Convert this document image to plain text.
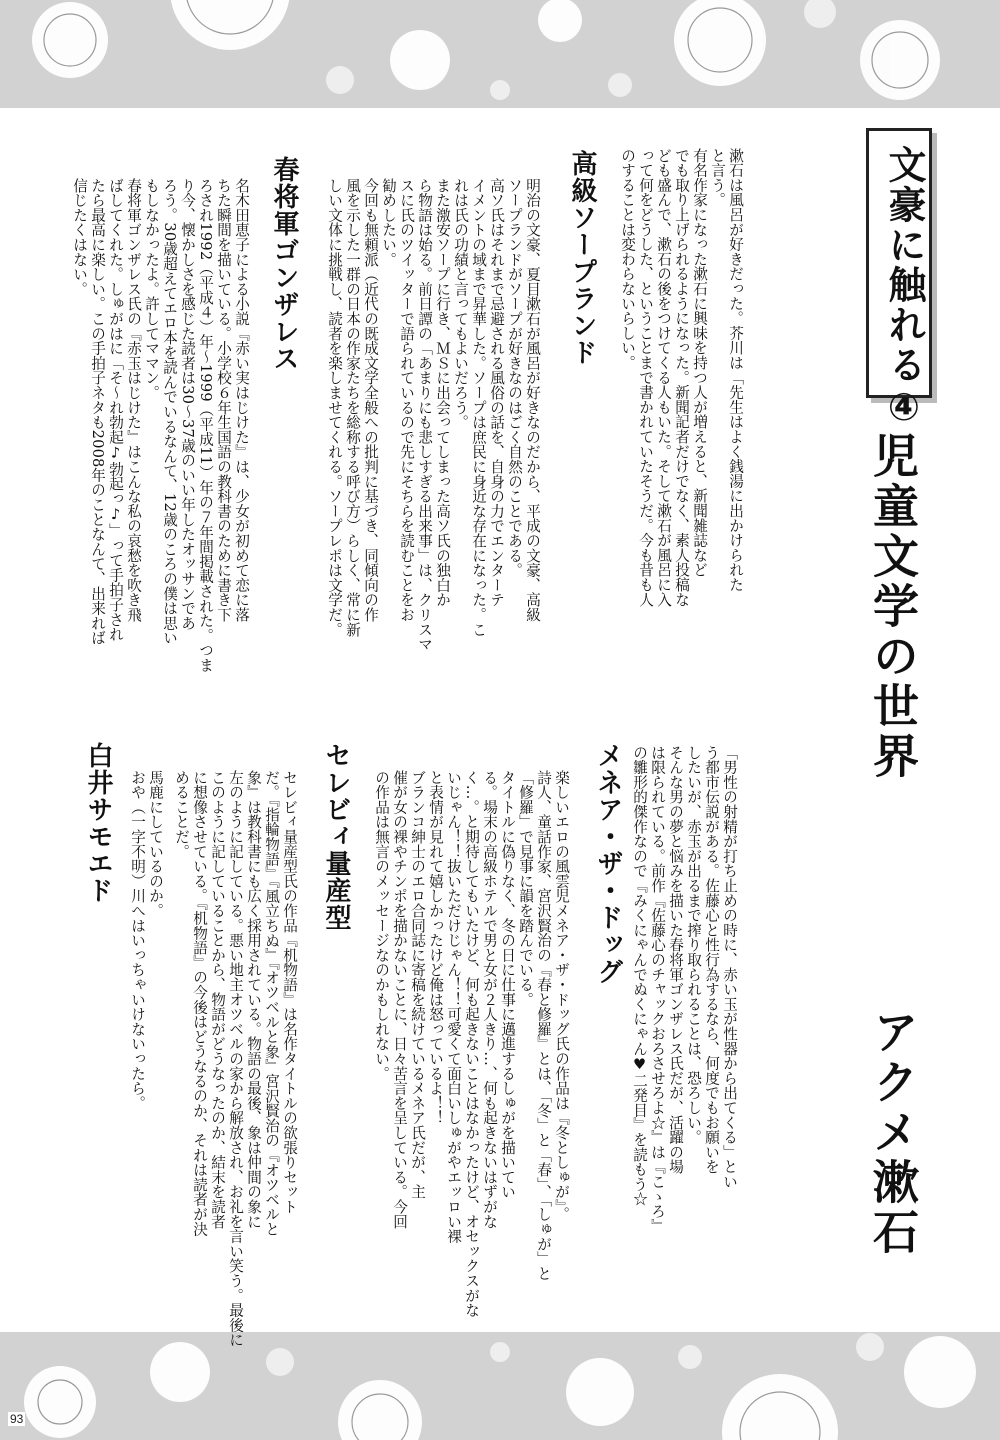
文豪に触れる④
児童文学の世界
アクメ漱石
漱石は風呂が好きだった。芥川は「先生はよく銭湯に出かけられた
と言う。
有名作家になった漱石に興味を持つ人が増えると、新聞雑誌など
でも取り上げられるようになった。新聞記者だけでなく、素人投稿な
ども盛んで、漱石の後をつけてくる人もいた。そして漱石が風呂に入
って何をどうした、ということまで書かれていたそうだ。今も昔も人
のすることは変わらないらしい。
高級ソープランド
明治の文豪、夏目漱石が風呂が好きなのだから、平成の文豪、高級
ソープランドがソープが好きなのはごく自然のことである。
高ソ氏はそれまで忌避される風俗の話を、自身の力でエンターテ
イメントの域まで昇華した。ソープは庶民に身近な存在になった。こ
れは氏の功績と言ってもよいだろう。
また激安ソープに行き、ＭＳに出会ってしまった高ソ氏の独白か
ら物語は始る。前日譚の「あまりにも悲しすぎる出来事」は、クリスマ
スに氏のツイッターで語られているので先にそちらを読むことをお
勧めしたい。
今回も無頼派（近代の既成文学全般への批判に基づき、同傾向の作
風を示した一群の日本の作家たちを総称する呼び方）らしく、常に新
しい文体に挑戦し、読者を楽しませてくれる。ソープレポは文学だ。
春将軍ゴンザレス
名木田恵子による小説『赤い実はじけた』は、少女が初めて恋に落
ちた瞬間を描いている。小学校６年生国語の教科書のために書き下
ろされ1992（平成４）年～1999（平成11）年の７年間掲載された。つま
り今、懐かしさを感じた読者は30～37歳のいい年したオッサンであ
ろう。30歳超えてエロ本を読んでいるなんて、12歳のころの僕は思い
もしなかったよ。許してママン。
春将軍ゴンザレス氏の『赤玉はじけた』はこんな私の哀愁を吹き飛
ばしてくれた。しゅがはに「そ～れ勃起♪勃起っ♪」って手拍子され
たら最高に楽しい。この手拍子ネタも2008年のことなんて、出来れば
信じたくはない。
「男性の射精が打ち止めの時に、赤い玉が性器から出てくる」とい
う都市伝説がある。佐藤心と性行為するなら、何度でもお願いを
したいが、赤玉が出るまで搾り取られることは、恐ろしい。
そんな男の夢と悩みを描いた春将軍ゴンザレス氏だが、活躍の場
は限られている。前作『佐藤心のチャックおろさせろよ☆』は『こゝろ』
の雛形的傑作なので『みくにゃんでぬくにゃん♥二発目』を読もう☆
メネア・ザ・ドッグ
楽しいエロの風雲児メネア・ザ・ドッグ氏の作品は『冬としゅが』。
詩人、童話作家、宮沢賢治の『春と修羅』とは、「冬」と「春」、「しゅが」と
「修羅」で見事に韻を踏んでいる。
タイトルに偽りなく、冬の日に仕事に邁進するしゅがを描いてい
る。場末の高級ホテルで男と女が２人きり…、何も起きないはずがな
く…。と期待してもいたけど、何も起きないことはなかったけど、オセックスがな
いじゃん！！抜いただけじゃん！！可愛くて面白いしゅがやエッロい裸
と表情が見れて嬉しかったけど俺は怒っているよ！！
ブランコ紳士のエロ合同誌に寄稿を続けているメネア氏だが、主
催が女の裸やチンポを描かないことに、日々苦言を呈している。今回
の作品は無言のメッセージなのかもしれない。
セレビィ量産型
セレビィ量産型氏の作品『机物語』は名作タイトルの欲張りセット
だ。『指輪物語』『風立ちぬ』『オツベルと象』宮沢賢治の『オツベルと
象』は教科書にも広く採用されている。物語の最後、象は仲間の象に
左のように記している。悪い地主オツベルの家から解放され、お礼を言い笑う。最後に
このように記していることから、物語がどうなったのか、結末を読者
に想像させている。『机物語』の今後はどうなるのか、それは読者が決
めることだ。
白井サモエド	馬鹿にしているのか。
おや（一字不明）川へはいっちゃいけないったら。
93
